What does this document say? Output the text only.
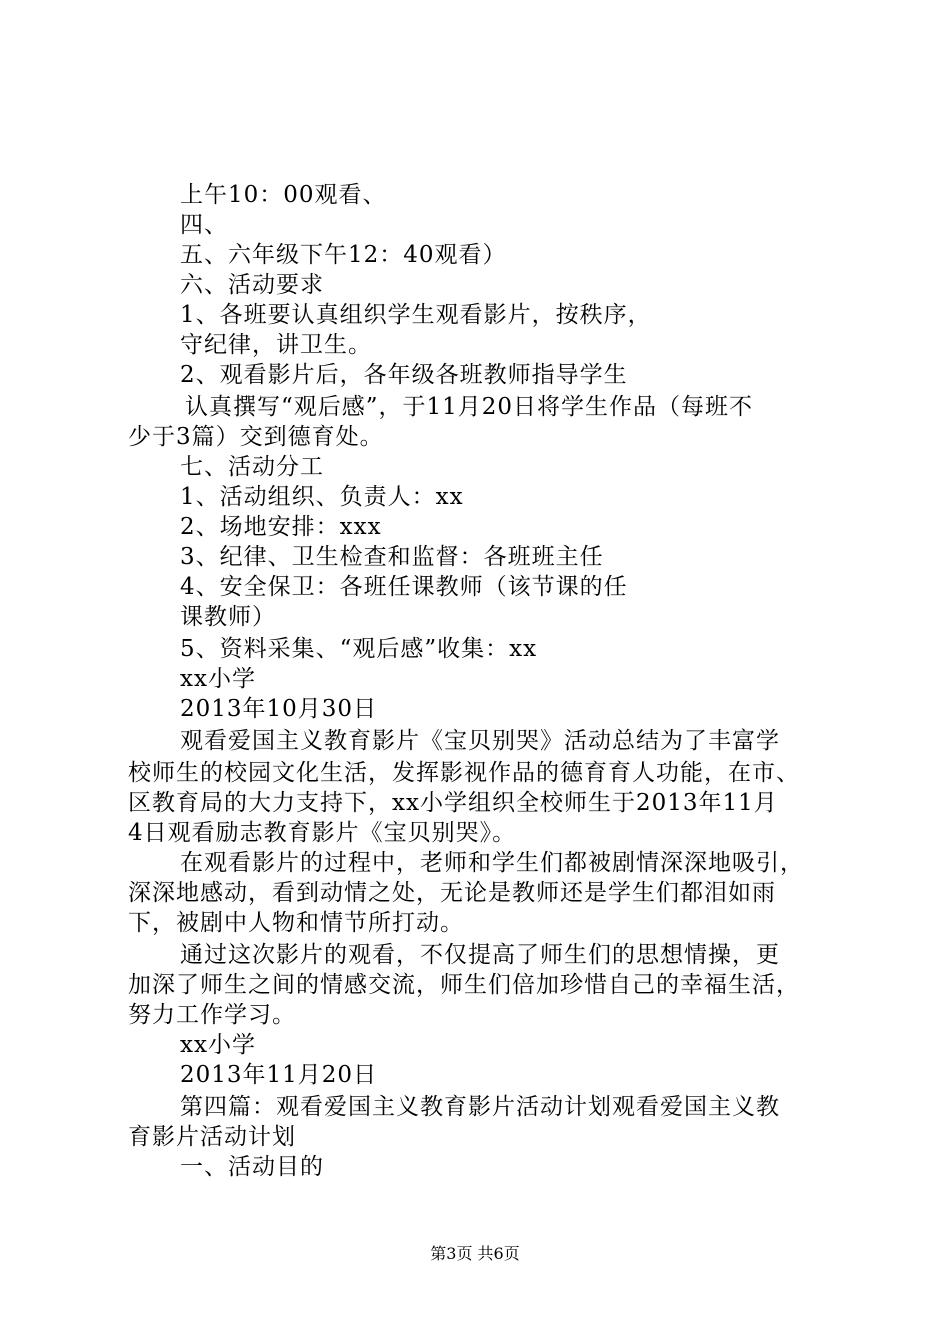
上午10：00观看、
四、
五、六年级下午12：40观看）
六、活动要求
1、各班要认真组织学生观看影片，按秩序，
守纪律，讲卫生。
2、观看影片后，各年级各班教师指导学生
认真撰写“观后感”，于11月20日将学生作品（每班不
少于3篇）交到德育处。
七、活动分工
1、活动组织、负责人：xx
2、场地安排：xxx
3、纪律、卫生检查和监督：各班班主任
4、安全保卫：各班任课教师（该节课的任
课教师）
5、资料采集、“观后感”收集：xx
xx小学
2013年10月30日
观看爱国主义教育影片《宝贝别哭》活动总结为了丰富学
校师生的校园文化生活，发挥影视作品的德育育人功能，在市、
区教育局的大力支持下，xx小学组织全校师生于2013年11月
4日观看励志教育影片《宝贝别哭》。
在观看影片的过程中，老师和学生们都被剧情深深地吸引，
深深地感动，看到动情之处，无论是教师还是学生们都泪如雨
下，被剧中人物和情节所打动。
通过这次影片的观看，不仅提高了师生们的思想情操，更
加深了师生之间的情感交流，师生们倍加珍惜自己的幸福生活，
努力工作学习。
xx小学
2013年11月20日
第四篇：观看爱国主义教育影片活动计划观看爱国主义教
育影片活动计划
一、活动目的
第3页 共6页
